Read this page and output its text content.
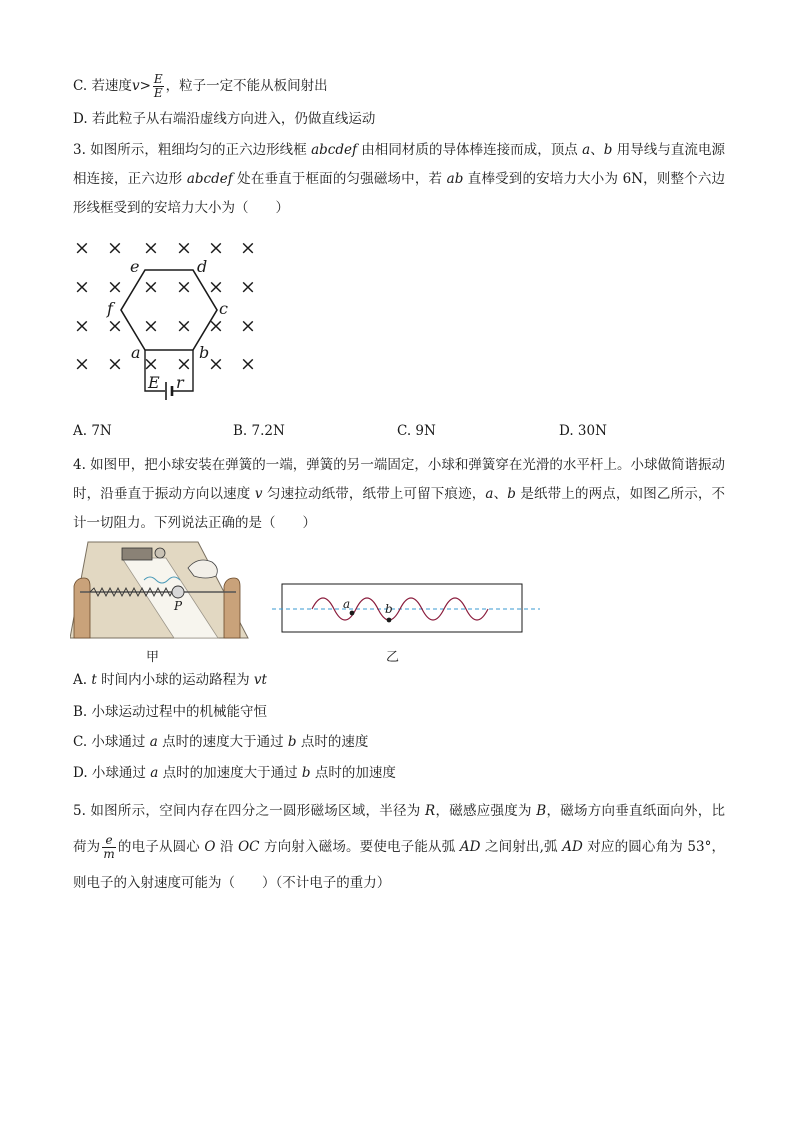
C. 若速度$v> \frac{E}{E}$ ，粒子一定不能从板间射出
D. 若此粒子从右端沿虚线方向进入，仍做直线运动
3. 如图所示，粗细均匀的正六边形线框 abcdef 由相同材质的导体棒连接而成，顶点 a、b 用导线与直流电源相连接，正六边形 abcdef 处在垂直于框面的匀强磁场中，若 ab 直棒受到的安培力大小为 6N，则整个六边形线框受到的安培力大小为（　　）
× × × × × ×
× × × × × ×
× × × × × ×
× × × × × ×
e	d
f	c
a	b
E r
A. 7N	B. 7.2N	C. 9N	D. 30N
4. 如图甲，把小球安装在弹簧的一端，弹簧的另一端固定，小球和弹簧穿在光滑的水平杆上。小球做简谐振动时，沿垂直于振动方向以速度 v 匀速拉动纸带，纸带上可留下痕迹，a、b 是纸带上的两点，如图乙所示，不计一切阻力。下列说法正确的是（　　）
P
甲
a	b
乙
A. t 时间内小球的运动路程为 vt
B. 小球运动过程中的机械能守恒
C. 小球通过 a 点时的速度大于通过 b 点时的速度
D. 小球通过 a 点时的加速度大于通过 b 点时的加速度
5. 如图所示，空间内存在四分之一圆形磁场区域，半径为 R，磁感应强度为 B，磁场方向垂直纸面向外，比荷为 $\frac{e}{m}$ 的电子从圆心 O 沿 OC 方向射入磁场。要使电子能从弧 AD 之间射出,弧 AD 对应的圆心角为 53°，则电子的入射速度可能为（　　）（不计电子的重力）
